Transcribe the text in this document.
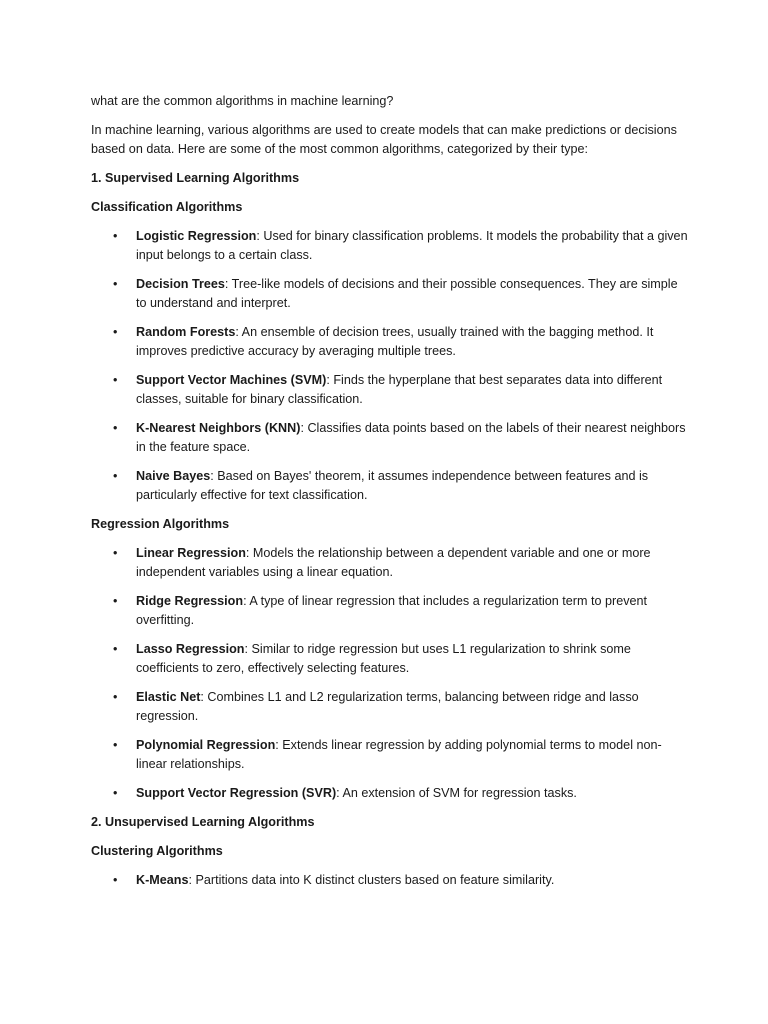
what are the common algorithms in machine learning?

In machine learning, various algorithms are used to create models that can make predictions or decisions based on data. Here are some of the most common algorithms, categorized by their type:

1. Supervised Learning Algorithms

Classification Algorithms

• Logistic Regression: Used for binary classification problems. It models the probability that a given input belongs to a certain class.
• Decision Trees: Tree-like models of decisions and their possible consequences. They are simple to understand and interpret.
• Random Forests: An ensemble of decision trees, usually trained with the bagging method. It improves predictive accuracy by averaging multiple trees.
• Support Vector Machines (SVM): Finds the hyperplane that best separates data into different classes, suitable for binary classification.
• K-Nearest Neighbors (KNN): Classifies data points based on the labels of their nearest neighbors in the feature space.
• Naive Bayes: Based on Bayes' theorem, it assumes independence between features and is particularly effective for text classification.

Regression Algorithms

• Linear Regression: Models the relationship between a dependent variable and one or more independent variables using a linear equation.
• Ridge Regression: A type of linear regression that includes a regularization term to prevent overfitting.
• Lasso Regression: Similar to ridge regression but uses L1 regularization to shrink some coefficients to zero, effectively selecting features.
• Elastic Net: Combines L1 and L2 regularization terms, balancing between ridge and lasso regression.
• Polynomial Regression: Extends linear regression by adding polynomial terms to model non-linear relationships.
• Support Vector Regression (SVR): An extension of SVM for regression tasks.

2. Unsupervised Learning Algorithms

Clustering Algorithms

• K-Means: Partitions data into K distinct clusters based on feature similarity.
